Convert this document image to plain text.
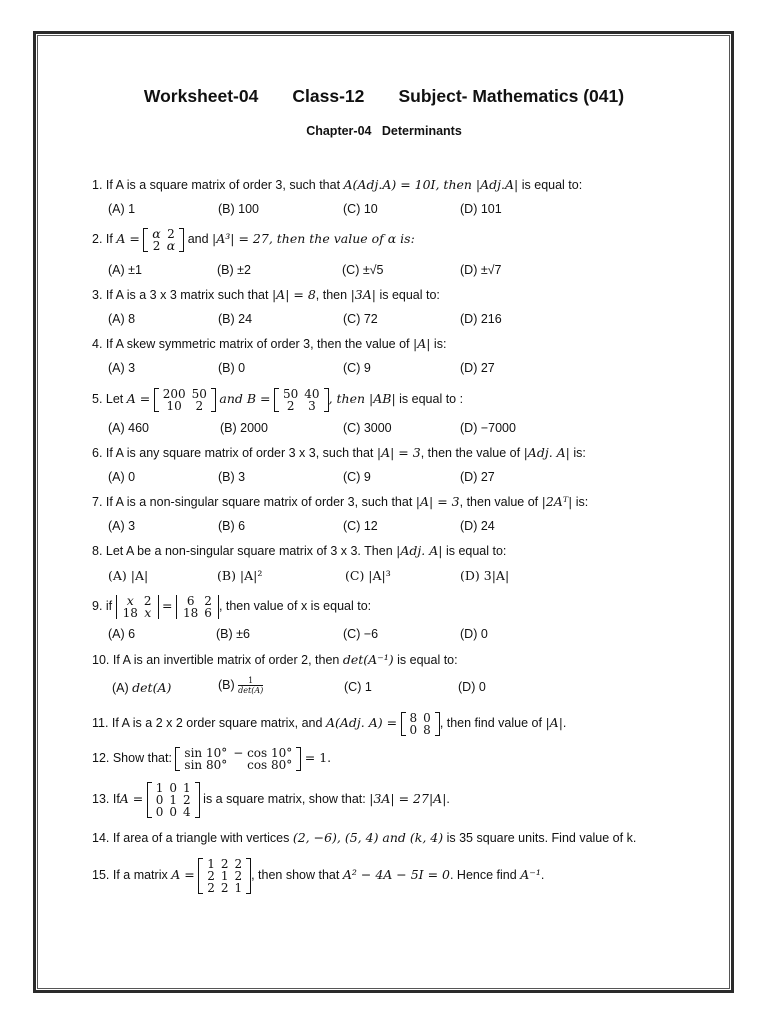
Worksheet-04 Class-12 Subject- Mathematics (041)
Chapter-04   Determinants
1. If A is a square matrix of order 3, such that A(Adj.A) = 10I, then |Adj.A| is equal to:
(A) 1	(B) 100	(C) 10	(D) 101
2. If A = α	2
2	α and |A³| = 27, then the value of α is:
(A) ±1	(B) ±2	(C) ±√5	(D) ±√7
3. If A is a 3 x 3 matrix such that |A| = 8, then |3A| is equal to:
(A) 8	(B) 24	(C) 72	(D) 216
4. If A skew symmetric matrix of order 3, then the value of |A| is:
(A) 3	(B) 0	(C) 9	(D) 27
5. Let A = 200	50
10	2 and B = 50	40
2	3 , then |AB| is equal to :
(A) 460	(B) 2000	(C) 3000	(D) −7000
6. If A is any square matrix of order 3 x 3, such that |A| = 3, then the value of |Adj. A| is:
(A) 0	(B) 3	(C) 9	(D) 27
7. If A is a non-singular square matrix of order 3, such that |A| = 3, then value of |2Aᵀ| is:
(A) 3	(B) 6	(C) 12	(D) 24
8. Let A be a non-singular square matrix of 3 x 3. Then |Adj. A| is equal to:
(A) |A|	(B) |A|²	(C) |A|³	(D) 3|A|
9. if x	2
18	x = 6	2
18	6 , then value of x is equal to:
(A) 6	(B) ±6	(C) −6	(D) 0
10. If A is an invertible matrix of order 2, then det(A⁻¹) is equal to:
(A) det(A)	$(B) \frac{1}{\det(A)}$	(C) 1	(D) 0
11. If A is a 2 x 2 order square matrix, and A(Adj. A) = 8	0
0	8 , then find value of |A|.
12. Show that: sin 10°	− cos 10°
sin 80°	cos 80° = 1.
13. IfA =
1	0	1
0	1	2
0	0	4
is a square matrix, show that: |3A| = 27|A|.
14. If area of a triangle with vertices (2, −6), (5, 4) and (k, 4) is 35 square units. Find value of k.
15. If a matrix A =
1	2	2
2	1	2
2	2	1
, then show that A² − 4A − 5I = 0. Hence find A⁻¹.
